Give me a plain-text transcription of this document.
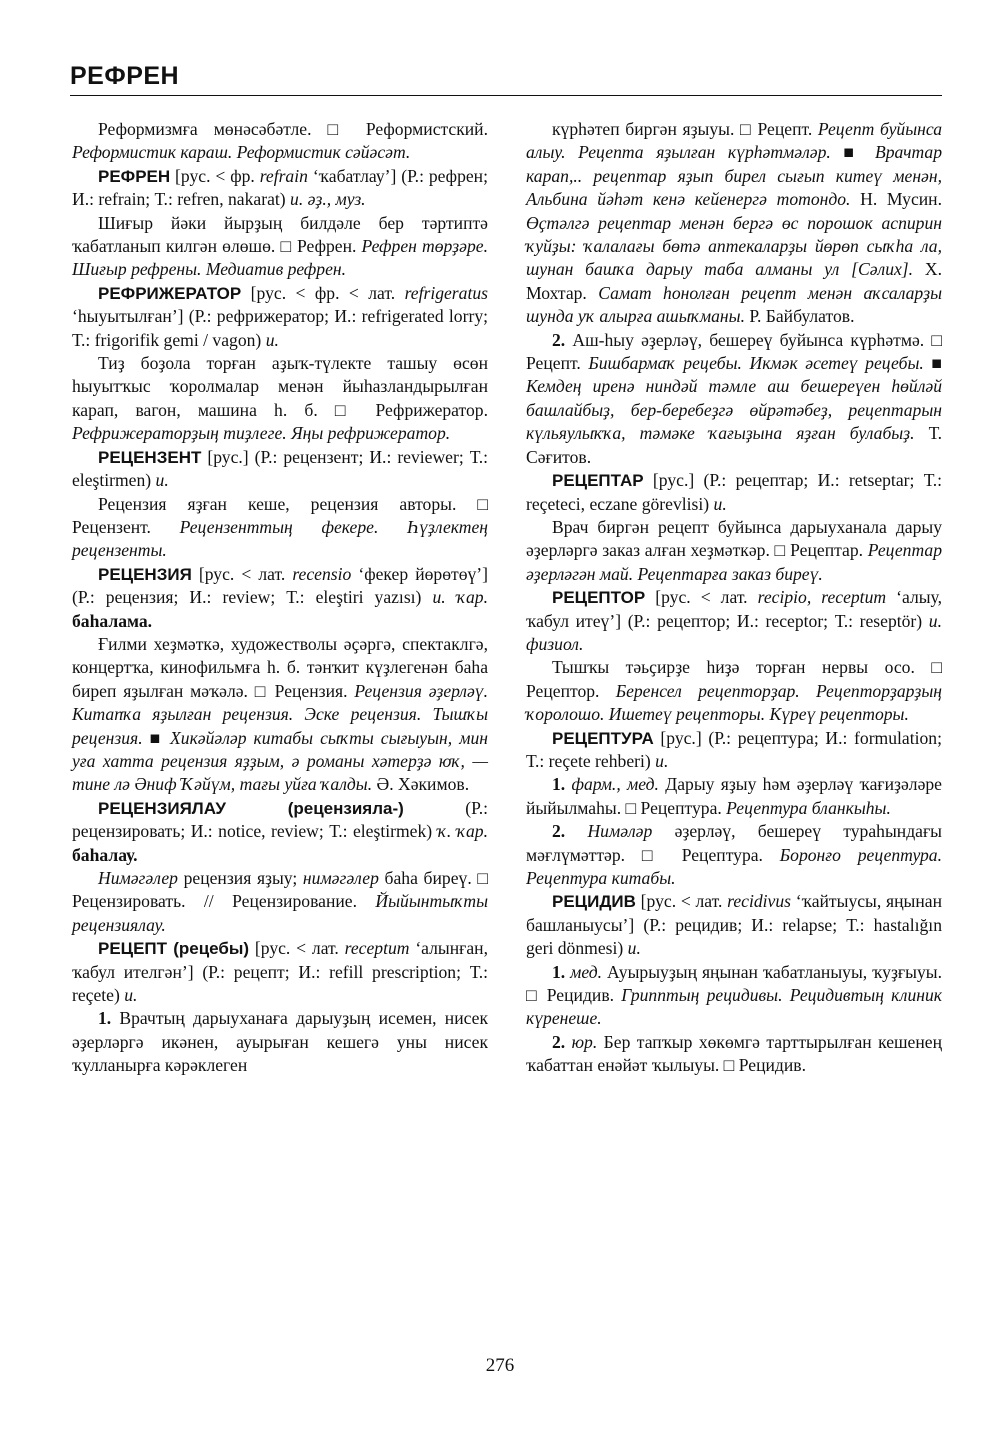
РЕФРЕН

Реформизмға мөнәсәбәтле. □ Реформистский. Реформистик караш. Реформистик сәйәсәт.

РЕФРЕН [рус. < фр. refrain ‘ҡабатлау’] (Р.: рефрен; И.: refrain; Т.: refren, nakarat) и. әҙ., муз.

Шиғыр йәки йырҙың билдәле бер тәртиптә ҡабатланып килгән өлөшө. □ Рефрен. Рефрен төрҙәре. Шиғыр рефрены. Медиатив рефрен.

РЕФРИЖЕРАТОР [рус. < фр. < лат. refrigeratus ‘һыуытылған’] (Р.: рефрижератор; И.: refrigerated lorry; Т.: frigorifik gemi / vagon) и.

Тиҙ боҙола торған аҙыҡ-түлекте ташыу өсөн һыуытҡыс ҡоролмалар менән йыһазландырылған карап, вагон, машина һ. б. □ Рефрижератор. Рефрижераторҙың тиҙлеге. Яңы рефрижератор.

РЕЦЕНЗЕНТ [рус.] (Р.: рецензент; И.: reviewer; Т.: eleştirmen) и.

Рецензия яҙған кеше, рецензия авторы. □ Рецензент. Рецензенттың фекере. Һүҙлектең рецензенты.

РЕЦЕНЗИЯ [рус. < лат. recensio ‘фекер йөрөтөү’] (Р.: рецензия; И.: review; Т.: eleştiri yazısı) и. ҡар. баһалама.

Ғилми хеҙмәткә, художестволы әҫәргә, спектаклгә, концертҡа, кинофильмға һ. б. тәнҡит күҙлегенән баһа биреп яҙылған мәҡәлә. □ Рецензия. Рецензия әҙерләү. Китапҡа яҙылған рецензия. Эске рецензия. Тышҡы рецензия. ■ Хикәйәләр китабы сыҡты сығыуын, мин уға хатта рецензия яҙҙым, ә романы хәтерҙә юҡ, — тине лә Әниф Ҡәйүм, тағы уйға ҡалды. Ә. Хәкимов.

РЕЦЕНЗИЯЛАУ (рецензияла-) (Р.: рецензировать; И.: notice, review; Т.: eleştirmek) ҡ. ҡар. баһалау.

Нимәгәлер рецензия яҙыу; нимәгәлер баһа биреү. □ Рецензировать. // Рецензирование. Йыйынтыҡты рецензиялау.

РЕЦЕПТ (рецебы) [рус. < лат. receptum ‘алынған, ҡабул ителгән’] (Р.: рецепт; И.: refill prescription; Т.: reçete) и.

1. Врачтың дарыуханаға дарыуҙың исемен, нисек әҙерләргә икәнен, ауырыған кешегә уны нисек ҡулланырға кәрәклеген

күрһәтеп биргән яҙыуы. □ Рецепт. Рецепт буйынса алыу. Рецепта яҙылған күрһәтмәләр. ■ Врачтар карап,.. рецептар яҙып бирел сығып китеү менән, Альбина йәһәт кенә кейенергә тотондо. Н. Мусин. Өҫтәлгә рецептар менән бергә өс порошок аспирин ҡуйҙы: ҡалалағы бөтә аптекаларҙы йөрөп сыҡһа ла, шунан башҡа дарыу таба алманы ул [Сәлих]. Х. Мохтар. Самат һонолған рецепт менән аҡсаларҙы шунда уҡ алырға ашыҡманы. Р. Байбулатов.

2. Аш-һыу әҙерләү, бешереү буйынса күрһәтмә. □ Рецепт. Бишбармаҡ рецебы. Икмәк әсетеү рецебы. ■ Кемдең иренә ниндәй тәмле аш бешереүен һөйләй башлайбыҙ, бер-беребеҙгә өйрәтәбеҙ, рецептарын күльяулыҡҡа, тәмәке ҡағыҙына яҙған булабыҙ. Т. Сәғитов.

РЕЦЕПТАР [рус.] (Р.: рецептар; И.: retseptar; Т.: reçeteci, eczane görevlisi) и.

Врач биргән рецепт буйынса дарыуханала дарыу әҙерләргә заказ алған хеҙмәткәр. □ Рецептар. Рецептар әҙерләгән май. Рецептарға заказ биреү.

РЕЦЕПТОР [рус. < лат. recipio, receptum ‘алыу, ҡабул итеү’] (Р.: рецептор; И.: receptor; Т.: reseptör) и. физиол.

Тышҡы тәьҫирҙе һиҙә торған нервы осо. □ Рецептор. Беренсел рецепторҙар. Рецепторҙарҙың ҡоролошо. Ишетеү рецепторы. Күреү рецепторы.

РЕЦЕПТУРА [рус.] (Р.: рецептура; И.: formulation; Т.: reçete rehberi) и.

1. фарм., мед. Дарыу яҙыу һәм әҙерләү ҡағиҙәләре йыйылмаһы. □ Рецептура. Рецептура бланкыһы.

2. Нимәләр әҙерләү, бешереү тураһындағы мәғлүмәттәр. □ Рецептура. Боронғо рецептура. Рецептура китабы.

РЕЦИДИВ [рус. < лат. recidivus ‘ҡайтыусы, яңынан башланыусы’] (Р.: рецидив; И.: relapse; Т.: hastalığın geri dönmesi) и.

1. мед. Ауырыуҙың яңынан ҡабатланыуы, ҡуҙғыуы. □ Рецидив. Грипптың рецидивы. Рецидивтың клиник күренеше.

2. юр. Бер тапҡыр хөкөмгә тарттырылған кешенең ҡабаттан енәйәт ҡылыуы. □ Рецидив.

276
